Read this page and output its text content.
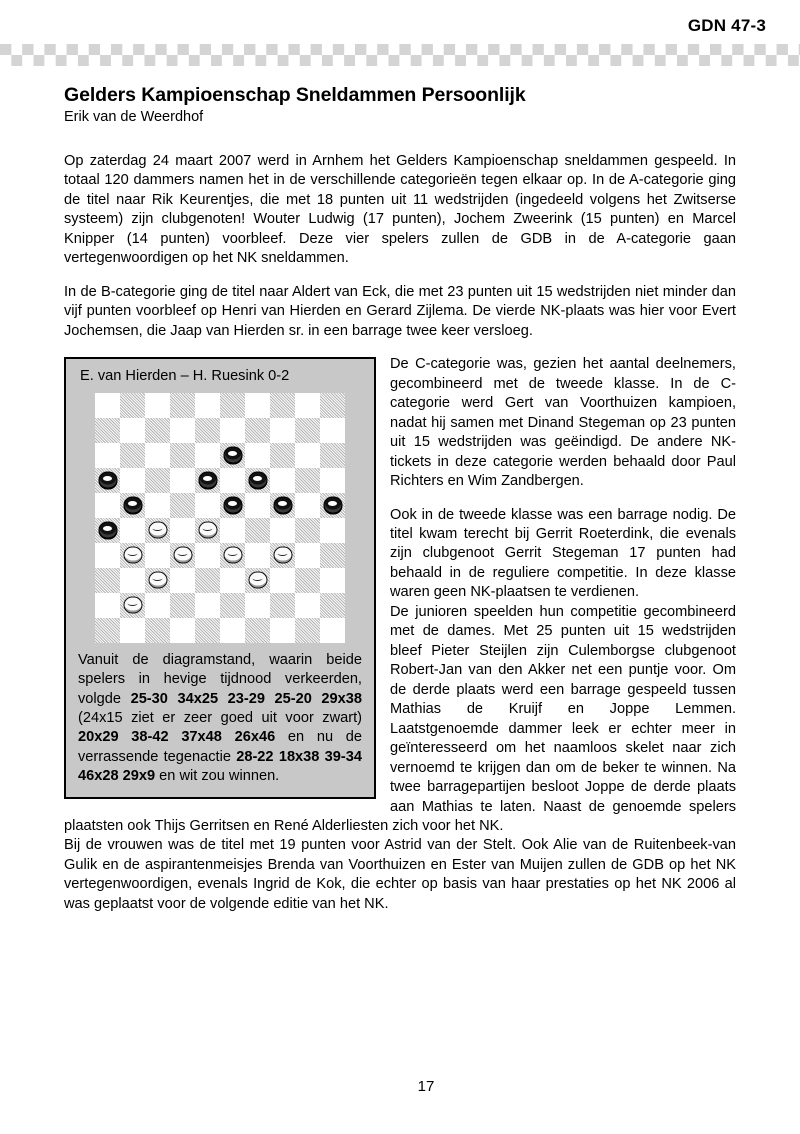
GDN 47-3
Gelders Kampioenschap Sneldammen Persoonlijk

Erik van de Weerdhof

Op zaterdag 24 maart 2007 werd in Arnhem het Gelders Kampioenschap sneldammen gespeeld. In totaal 120 dammers namen het in de verschillende categorieën tegen elkaar op. In de A-categorie ging de titel naar Rik Keurentjes, die met 18 punten uit 11 wedstrijden (ingedeeld volgens het Zwitserse systeem) zijn clubgenoten! Wouter Ludwig (17 punten), Jochem Zweerink (15 punten) en Marcel Knipper (14 punten) voorbleef. Deze vier spelers zullen de GDB in de A-categorie gaan vertegenwoordigen op het NK sneldammen.

In de B-categorie ging de titel naar Aldert van Eck, die met 23 punten uit 15 wedstrijden niet minder dan vijf punten voorbleef op Henri van Hierden en Gerard Zijlema. De vierde NK-plaats was hier voor Evert Jochemsen, die Jaap van Hierden sr. in een barrage twee keer versloeg.

E. van Hierden – H. Ruesink 0-2
Vanuit de diagramstand, waarin beide spelers in hevige tijdnood verkeerden, volgde 25-30 34x25 23-29 25-20 29x38 (24x15 ziet er zeer goed uit voor zwart) 20x29 38-42 37x48 26x46 en nu de verrassende tegenactie 28-22 18x38 39-34 46x28 29x9 en wit zou winnen.

De C-categorie was, gezien het aantal deelnemers, gecombineerd met de tweede klasse. In de C-categorie werd Gert van Voorthuizen kampioen, nadat hij samen met Dinand Stegeman op 23 punten uit 15 wedstrijden was geëindigd. De andere NK-tickets in deze categorie werden behaald door Paul Richters en Wim Zandbergen.

Ook in de tweede klasse was een barrage nodig. De titel kwam terecht bij Gerrit Roeterdink, die evenals zijn clubgenoot Gerrit Stegeman 17 punten had behaald in de reguliere competitie. In deze klasse waren geen NK-plaatsen te verdienen.

De junioren speelden hun competitie gecombineerd met de dames. Met 25 punten uit 15 wedstrijden bleef Pieter Steijlen zijn Culemborgse clubgenoot Robert-Jan van den Akker net een puntje voor. Om de derde plaats werd een barrage gespeeld tussen Mathias de Kruijf en Joppe Lemmen. Laatstgenoemde dammer leek er echter meer in geïnteresseerd om het naamloos skelet naar zich vernoemd te krijgen dan om de beker te winnen. Na twee barragepartijen besloot Joppe de derde plaats aan Mathias te laten. Naast de genoemde spelers plaatsten ook Thijs Gerritsen en René Alderliesten zich voor het NK.

Bij de vrouwen was de titel met 19 punten voor Astrid van der Stelt. Ook Alie van de Ruitenbeek-van Gulik en de aspirantenmeisjes Brenda van Voorthuizen en Ester van Muijen zullen de GDB op het NK vertegenwoordigen, evenals Ingrid de Kok, die echter op basis van haar prestaties op het NK 2006 al was geplaatst voor de volgende editie van het NK.

17
